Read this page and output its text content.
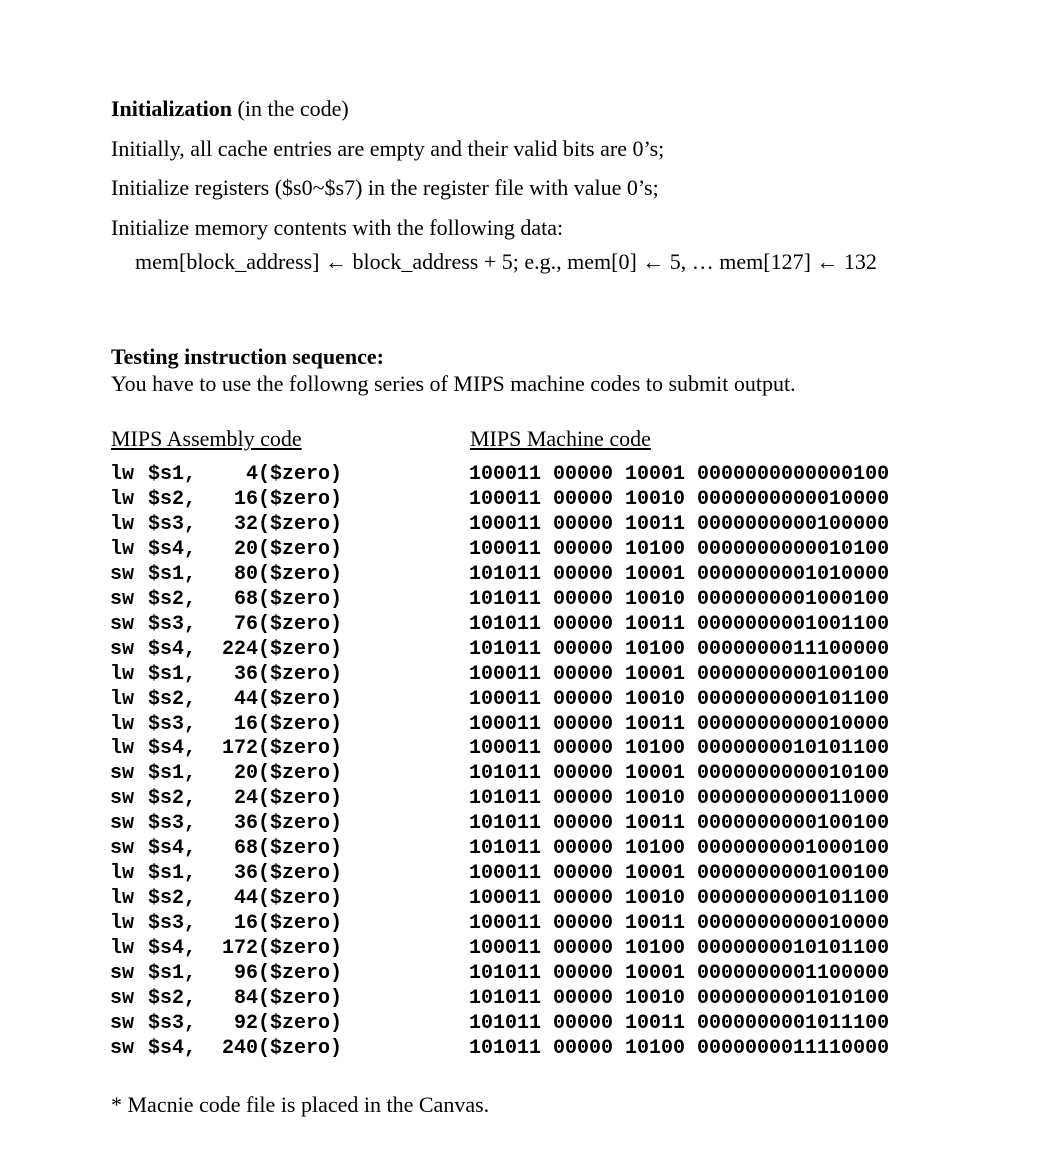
Initialization (in the code)
Initially, all cache entries are empty and their valid bits are 0’s;
Initialize registers ($s0~$s7) in the register file with value 0’s;
Initialize memory contents with the following data:
mem[block_address] ← block_address + 5; e.g., mem[0] ← 5, … mem[127] ← 132
Testing instruction sequence:
You have to use the followng series of MIPS machine codes to submit output.
MIPS Assembly code	MIPS Machine code
lw $s1, 4($zero)	100011 00000 10001 0000000000000100
lw $s2, 16($zero)	100011 00000 10010 0000000000010000
lw $s3, 32($zero)	100011 00000 10011 0000000000100000
lw $s4, 20($zero)	100011 00000 10100 0000000000010100
sw $s1, 80($zero)	101011 00000 10001 0000000001010000
sw $s2, 68($zero)	101011 00000 10010 0000000001000100
sw $s3, 76($zero)	101011 00000 10011 0000000001001100
sw $s4, 224($zero)	101011 00000 10100 0000000011100000
lw $s1, 36($zero)	100011 00000 10001 0000000000100100
lw $s2, 44($zero)	100011 00000 10010 0000000000101100
lw $s3, 16($zero)	100011 00000 10011 0000000000010000
lw $s4, 172($zero)	100011 00000 10100 0000000010101100
sw $s1, 20($zero)	101011 00000 10001 0000000000010100
sw $s2, 24($zero)	101011 00000 10010 0000000000011000
sw $s3, 36($zero)	101011 00000 10011 0000000000100100
sw $s4, 68($zero)	101011 00000 10100 0000000001000100
lw $s1, 36($zero)	100011 00000 10001 0000000000100100
lw $s2, 44($zero)	100011 00000 10010 0000000000101100
lw $s3, 16($zero)	100011 00000 10011 0000000000010000
lw $s4, 172($zero)	100011 00000 10100 0000000010101100
sw $s1, 96($zero)	101011 00000 10001 0000000001100000
sw $s2, 84($zero)	101011 00000 10010 0000000001010100
sw $s3, 92($zero)	101011 00000 10011 0000000001011100
sw $s4, 240($zero)	101011 00000 10100 0000000011110000
* Macnie code file is placed in the Canvas.
